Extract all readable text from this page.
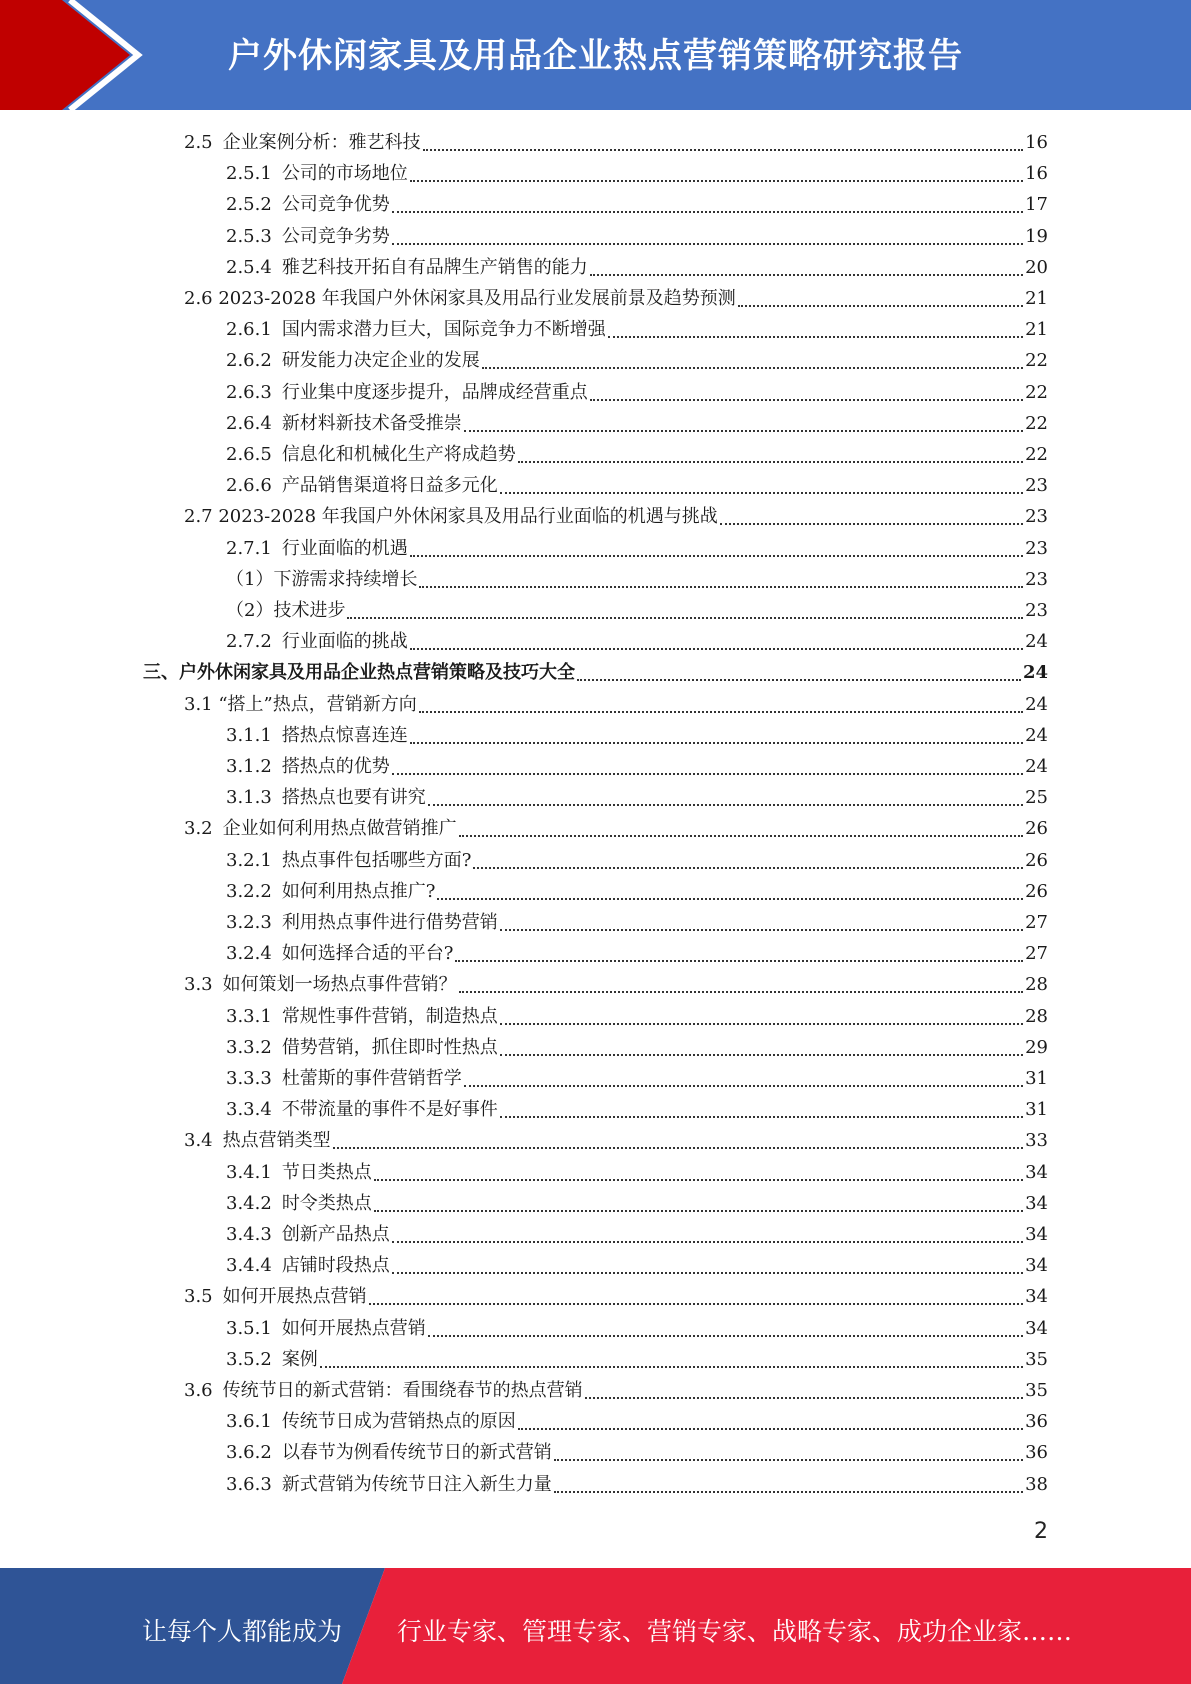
户外休闲家具及用品企业热点营销策略研究报告
2.5 企业案例分析：雅艺科技	16
2.5.1 公司的市场地位	16
2.5.2 公司竞争优势	17
2.5.3 公司竞争劣势	19
2.5.4 雅艺科技开拓自有品牌生产销售的能力	20
2.6 2023-2028 年我国户外休闲家具及用品行业发展前景及趋势预测	21
2.6.1 国内需求潜力巨大，国际竞争力不断增强	21
2.6.2 研发能力决定企业的发展	22
2.6.3 行业集中度逐步提升，品牌成经营重点	22
2.6.4 新材料新技术备受推崇	22
2.6.5 信息化和机械化生产将成趋势	22
2.6.6 产品销售渠道将日益多元化	23
2.7 2023-2028 年我国户外休闲家具及用品行业面临的机遇与挑战	23
2.7.1 行业面临的机遇	23
（1）下游需求持续增长	23
（2）技术进步	23
2.7.2 行业面临的挑战	24
三、户外休闲家具及用品企业热点营销策略及技巧大全	24
3.1 “搭上”热点，营销新方向	24
3.1.1 搭热点惊喜连连	24
3.1.2 搭热点的优势	24
3.1.3 搭热点也要有讲究	25
3.2 企业如何利用热点做营销推广	26
3.2.1 热点事件包括哪些方面?	26
3.2.2 如何利用热点推广?	26
3.2.3 利用热点事件进行借势营销	27
3.2.4 如何选择合适的平台?	27
3.3 如何策划一场热点事件营销？	28
3.3.1 常规性事件营销，制造热点	28
3.3.2 借势营销，抓住即时性热点	29
3.3.3 杜蕾斯的事件营销哲学	31
3.3.4 不带流量的事件不是好事件	31
3.4 热点营销类型	33
3.4.1 节日类热点	34
3.4.2 时令类热点	34
3.4.3 创新产品热点	34
3.4.4 店铺时段热点	34
3.5 如何开展热点营销	34
3.5.1 如何开展热点营销	34
3.5.2 案例	35
3.6 传统节日的新式营销：看围绕春节的热点营销	35
3.6.1 传统节日成为营销热点的原因	36
3.6.2 以春节为例看传统节日的新式营销	36
3.6.3 新式营销为传统节日注入新生力量	38
2
让每个人都能成为 行业专家、管理专家、营销专家、战略专家、成功企业家……
